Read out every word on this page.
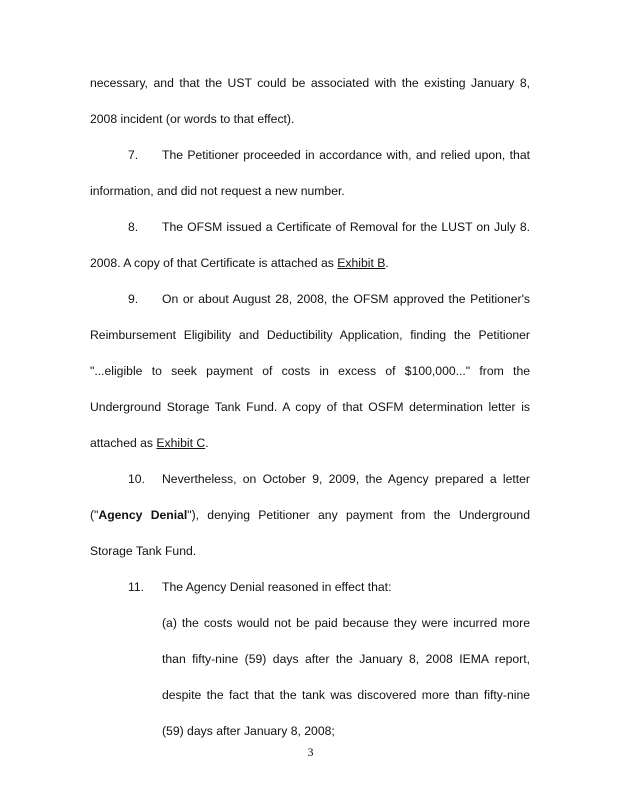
necessary, and that the UST could be associated with the existing January 8,
2008 incident (or words to that effect).
7. The Petitioner proceeded in accordance with, and relied upon, that
information, and did not request a new number.
8. The OFSM issued a Certificate of Removal for the LUST on July 8.
2008. A copy of that Certificate is attached as Exhibit B.
9. On or about August 28, 2008, the OFSM approved the Petitioner's
Reimbursement Eligibility and Deductibility Application, finding the Petitioner
"...eligible to seek payment of costs in excess of $100,000..." from the
Underground Storage Tank Fund. A copy of that OSFM determination letter is
attached as Exhibit C.
10. Nevertheless, on October 9, 2009, the Agency prepared a letter
("Agency Denial"), denying Petitioner any payment from the Underground
Storage Tank Fund.
11. The Agency Denial reasoned in effect that:
(a) the costs would not be paid because they were incurred more
than fifty-nine (59) days after the January 8, 2008 IEMA report,
despite the fact that the tank was discovered more than fifty-nine
(59) days after January 8, 2008;
3
